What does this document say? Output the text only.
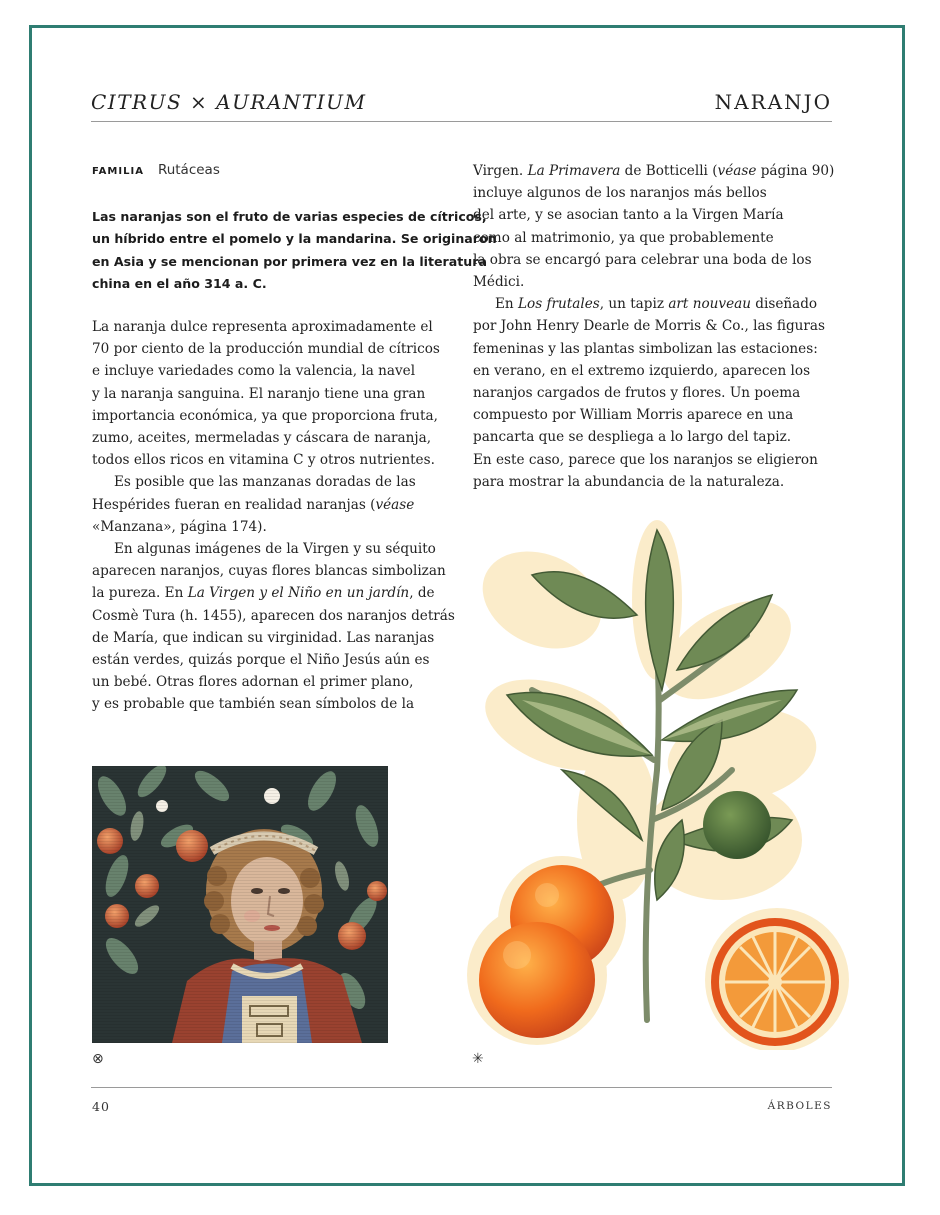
CITRUS × AURANTIUM	NARANJO
FAMILIA Rutáceas
Las naranjas son el fruto de varias especies de cítricos,
un híbrido entre el pomelo y la mandarina. Se originaron
en Asia y se mencionan por primera vez en la literatura
china en el año 314 a. C.
La naranja dulce representa aproximadamente el
70 por ciento de la producción mundial de cítricos
e incluye variedades como la valencia, la navel
y la naranja sanguina. El naranjo tiene una gran
importancia económica, ya que proporciona fruta,
zumo, aceites, mermeladas y cáscara de naranja,
todos ellos ricos en vitamina C y otros nutrientes.
Es posible que las manzanas doradas de las
Hespérides fueran en realidad naranjas (véase
«Manzana», página 174).
En algunas imágenes de la Virgen y su séquito
aparecen naranjos, cuyas flores blancas simbolizan
la pureza. En La Virgen y el Niño en un jardín, de
Cosmè Tura (h. 1455), aparecen dos naranjos detrás
de María, que indican su virginidad. Las naranjas
están verdes, quizás porque el Niño Jesús aún es
un bebé. Otras flores adornan el primer plano,
y es probable que también sean símbolos de la
Virgen. La Primavera de Botticelli (véase página 90)
incluye algunos de los naranjos más bellos
del arte, y se asocian tanto a la Virgen María
como al matrimonio, ya que probablemente
la obra se encargó para celebrar una boda de los
Médici.
En Los frutales, un tapiz art nouveau diseñado
por John Henry Dearle de Morris & Co., las figuras
femeninas y las plantas simbolizan las estaciones:
en verano, en el extremo izquierdo, aparecen los
naranjos cargados de frutos y flores. Un poema
compuesto por William Morris aparece en una
pancarta que se despliega a lo largo del tapiz.
En este caso, parece que los naranjos se eligieron
para mostrar la abundancia de la naturaleza.
⊗	✳
40	ÁRBOLES
